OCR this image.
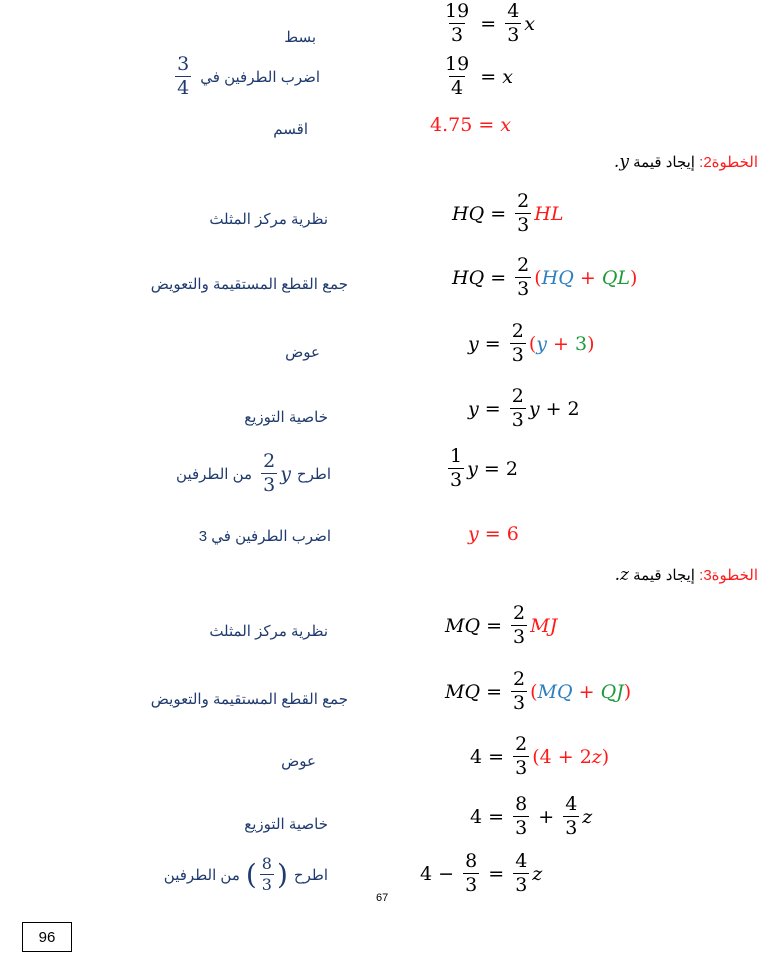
$\frac{19}{3} = \frac{4}{3}$ x
بسط
$\frac{19}{4} = x$
اضرب الطرفين في
$\frac{3}{4}$
4.75 = x
اقسم
الخطوة2: إيجاد قيمة y.
HQ = $\frac{2}{3}$ HL
نظرية مركز المثلث
HQ = $\frac{2}{3}$ ( HQ + QL )
جمع القطع المستقيمة والتعويض
$y = \frac{2}{3}$ ( y + 3 )
عوض
$y = \frac{2}{3}$ y + 2
خاصية التوزيع
$\frac{1}{3}$ y = 2
اطرح
y
$\frac{2}{3}$
من الطرفين
y = 6
اضرب الطرفين في 3
الخطوة3: إيجاد قيمة z.
MQ = $\frac{2}{3}$ MJ
نظرية مركز المثلث
MQ = $\frac{2}{3}$ ( MQ + QJ )
جمع القطع المستقيمة والتعويض
$4 = \frac{2}{3} (4 + 2z)$
عوض
$4 = \frac{8}{3} + \frac{4}{3}$ z
خاصية التوزيع
$4 - \frac{8}{3} = \frac{4}{3}$ z
اطرح
(
$\frac{8}{3}$
)
من الطرفين
67
96
